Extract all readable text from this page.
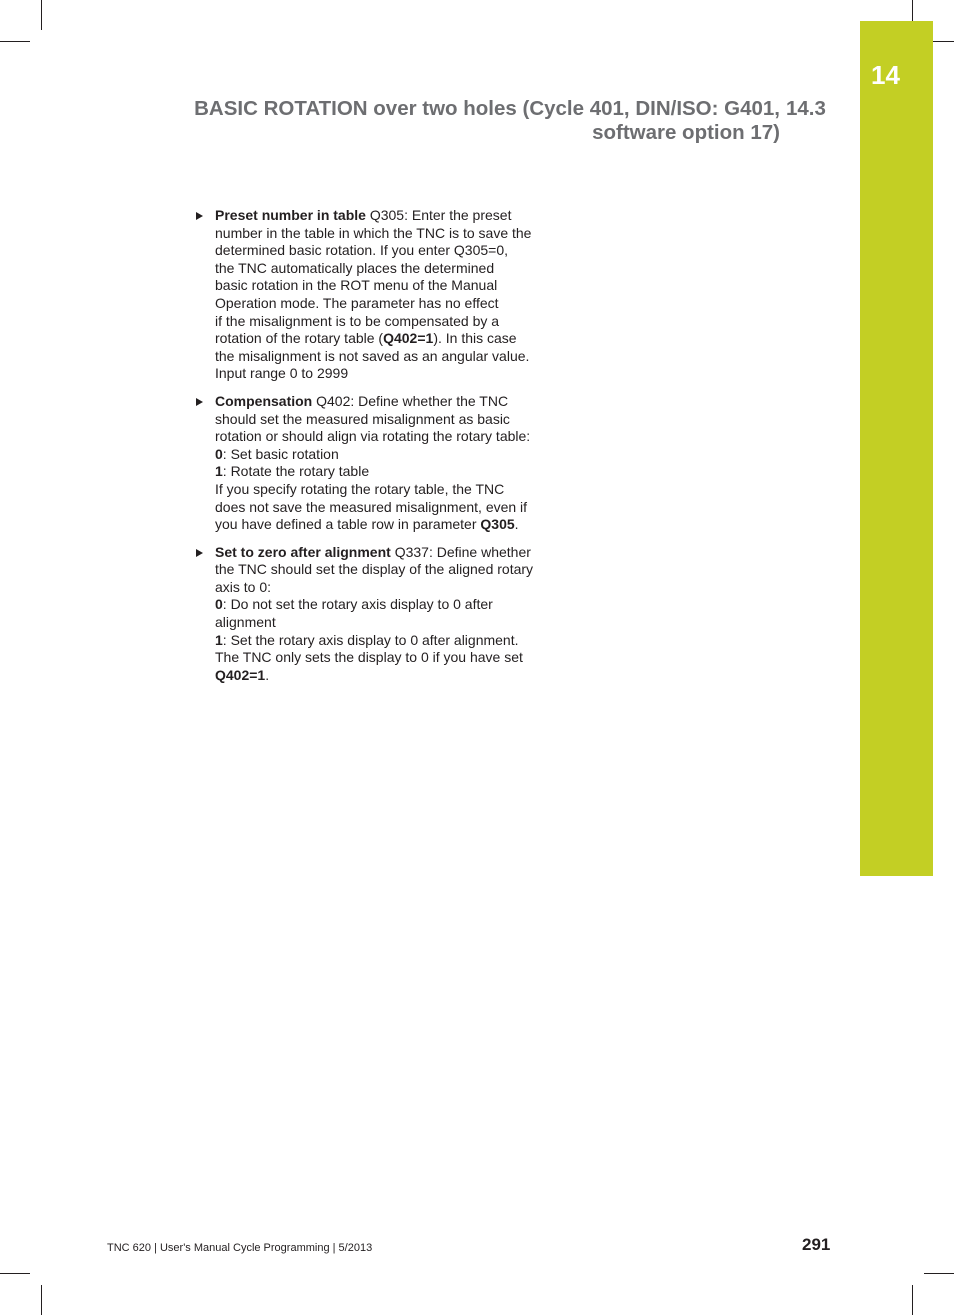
14
BASIC ROTATION over two holes (Cycle 401, DIN/ISO: G401,
software option 17)
14.3
Preset number in table Q305: Enter the preset
number in the table in which the TNC is to save the
determined basic rotation. If you enter Q305=0,
the TNC automatically places the determined
basic rotation in the ROT menu of the Manual
Operation mode. The parameter has no effect
if the misalignment is to be compensated by a
rotation of the rotary table (Q402=1). In this case
the misalignment is not saved as an angular value.
Input range 0 to 2999
Compensation Q402: Define whether the TNC
should set the measured misalignment as basic
rotation or should align via rotating the rotary table:
0: Set basic rotation
1: Rotate the rotary table
If you specify rotating the rotary table, the TNC
does not save the measured misalignment, even if
you have defined a table row in parameter Q305.
Set to zero after alignment Q337: Define whether
the TNC should set the display of the aligned rotary
axis to 0:
0: Do not set the rotary axis display to 0 after
alignment
1: Set the rotary axis display to 0 after alignment.
The TNC only sets the display to 0 if you have set
Q402=1.
TNC 620 | User's Manual Cycle Programming | 5/2013	291
